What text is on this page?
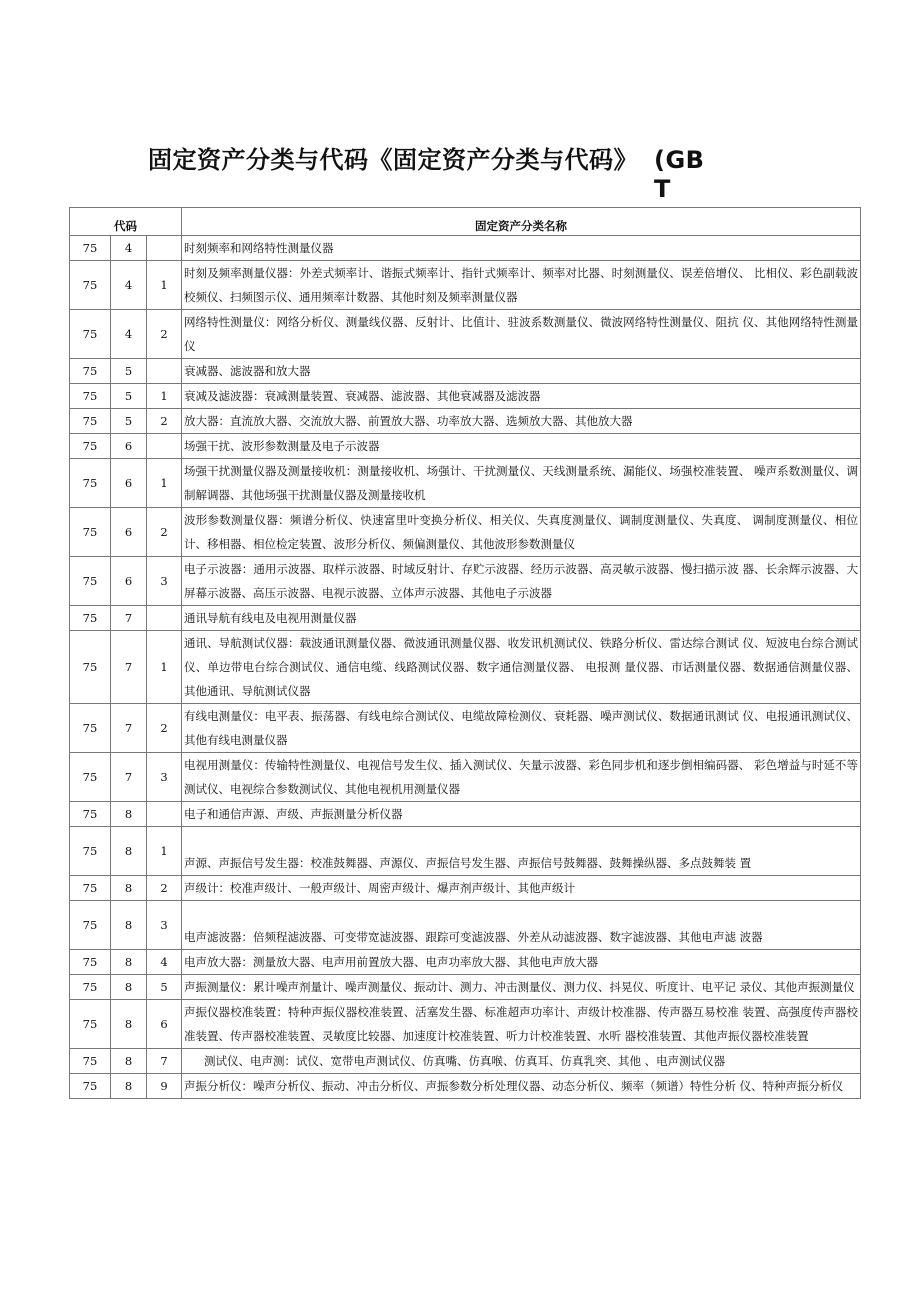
固定资产分类与代码《固定资产分类与代码》 (GB T
代码			固定资产分类名称
75	4		时刻频率和网络特性测量仪器
75	4	1	时刻及频率测量仪器：外差式频率计、谐振式频率计、指针式频率计、频率对比器、时刻测量仪、误差倍增仪、 比相仪、彩色副载波校频仪、扫频图示仪、通用频率计数器、其他时刻及频率测量仪器
75	4	2	网络特性测量仪：网络分析仪、测量线仪器、反射计、比值计、驻波系数测量仪、微波网络特性测量仪、阻抗 仪、其他网络特性测量仪
75	5		衰减器、滤波器和放大器
75	5	1	衰减及滤波器：衰减测量装置、衰减器、滤波器、其他衰减器及滤波器
75	5	2	放大器：直流放大器、交流放大器、前置放大器、功率放大器、选频放大器、其他放大器
75	6		场强干扰、波形参数测量及电子示波器
75	6	1	场强干扰测量仪器及测量接收机：测量接收机、场强计、干扰测量仪、天线测量系统、漏能仪、场强校准装置、 噪声系数测量仪、调制解调器、其他场强干扰测量仪器及测量接收机
75	6	2	波形参数测量仪器：频谱分析仪、快速富里叶变换分析仪、相关仪、失真度测量仪、调制度测量仪、失真度、 调制度测量仪、相位计、移相器、相位检定装置、波形分析仪、频偏测量仪、其他波形参数测量仪
75	6	3	电子示波器：通用示波器、取样示波器、时域反射计、存贮示波器、经历示波器、高灵敏示波器、慢扫描示波 器、长余辉示波器、大屏幕示波器、高压示波器、电视示波器、立体声示波器、其他电子示波器
75	7		通讯导航有线电及电视用测量仪器
75	7	1	通讯、导航测试仪器：载波通讯测量仪器、微波通讯测量仪器、收发讯机测试仪、铁路分析仪、雷达综合测试 仪、短波电台综合测试仪、单边带电台综合测试仪、通信电缆、线路测试仪器、数字通信测量仪器、 电报测 量仪器、市话测量仪器、数据通信测量仪器、其他通讯、导航测试仪器
75	7	2	有线电测量仪：电平表、振荡器、有线电综合测试仪、电缆故障检测仪、衰耗器、噪声测试仪、数据通讯测试 仪、电报通讯测试仪、其他有线电测量仪器
75	7	3	电视用测量仪：传输特性测量仪、电视信号发生仪、插入测试仪、矢量示波器、彩色同步机和逐步倒相编码器、 彩色增益与时延不等测试仪、电视综合参数测试仪、其他电视机用测量仪器
75	8		电子和通信声源、声级、声振测量分析仪器
75	8	1	声源、声振信号发生器：校准鼓舞器、声源仪、声振信号发生器、声振信号鼓舞器、鼓舞操纵器、多点鼓舞装 置
75	8	2	声级计：校准声级计、一般声级计、周密声级计、爆声剂声级计、其他声级计
75	8	3	电声滤波器：倍频程滤波器、可变带宽滤波器、跟踪可变滤波器、外差从动滤波器、数字滤波器、其他电声滤 波器
75	8	4	电声放大器：测量放大器、电声用前置放大器、电声功率放大器、其他电声放大器
75	8	5	声振测量仪：累计噪声剂量计、噪声测量仪、振动计、测力、冲击测量仪、测力仪、抖晃仪、听度计、电平记 录仪、其他声振测量仪
75	8	6	声振仪器校准装置：特种声振仪器校准装置、活塞发生器、标准超声功率计、声级计校准器、传声器互易校准 装置、高强度传声器校准装置、传声器校准装置、灵敏度比较器、加速度计校准装置、听力计校准装置、水听 器校准装置、其他声振仪器校准装置
75	8	7	测试仪、电声测：试仪、宽带电声测试仪、仿真嘴、仿真喉、仿真耳、仿真乳突、其他 、电声测试仪器
75	8	9	声振分析仪：噪声分析仪、振动、冲击分析仪、声振参数分析处理仪器、动态分析仪、频率（频谱）特性分析 仪、特种声振分析仪
